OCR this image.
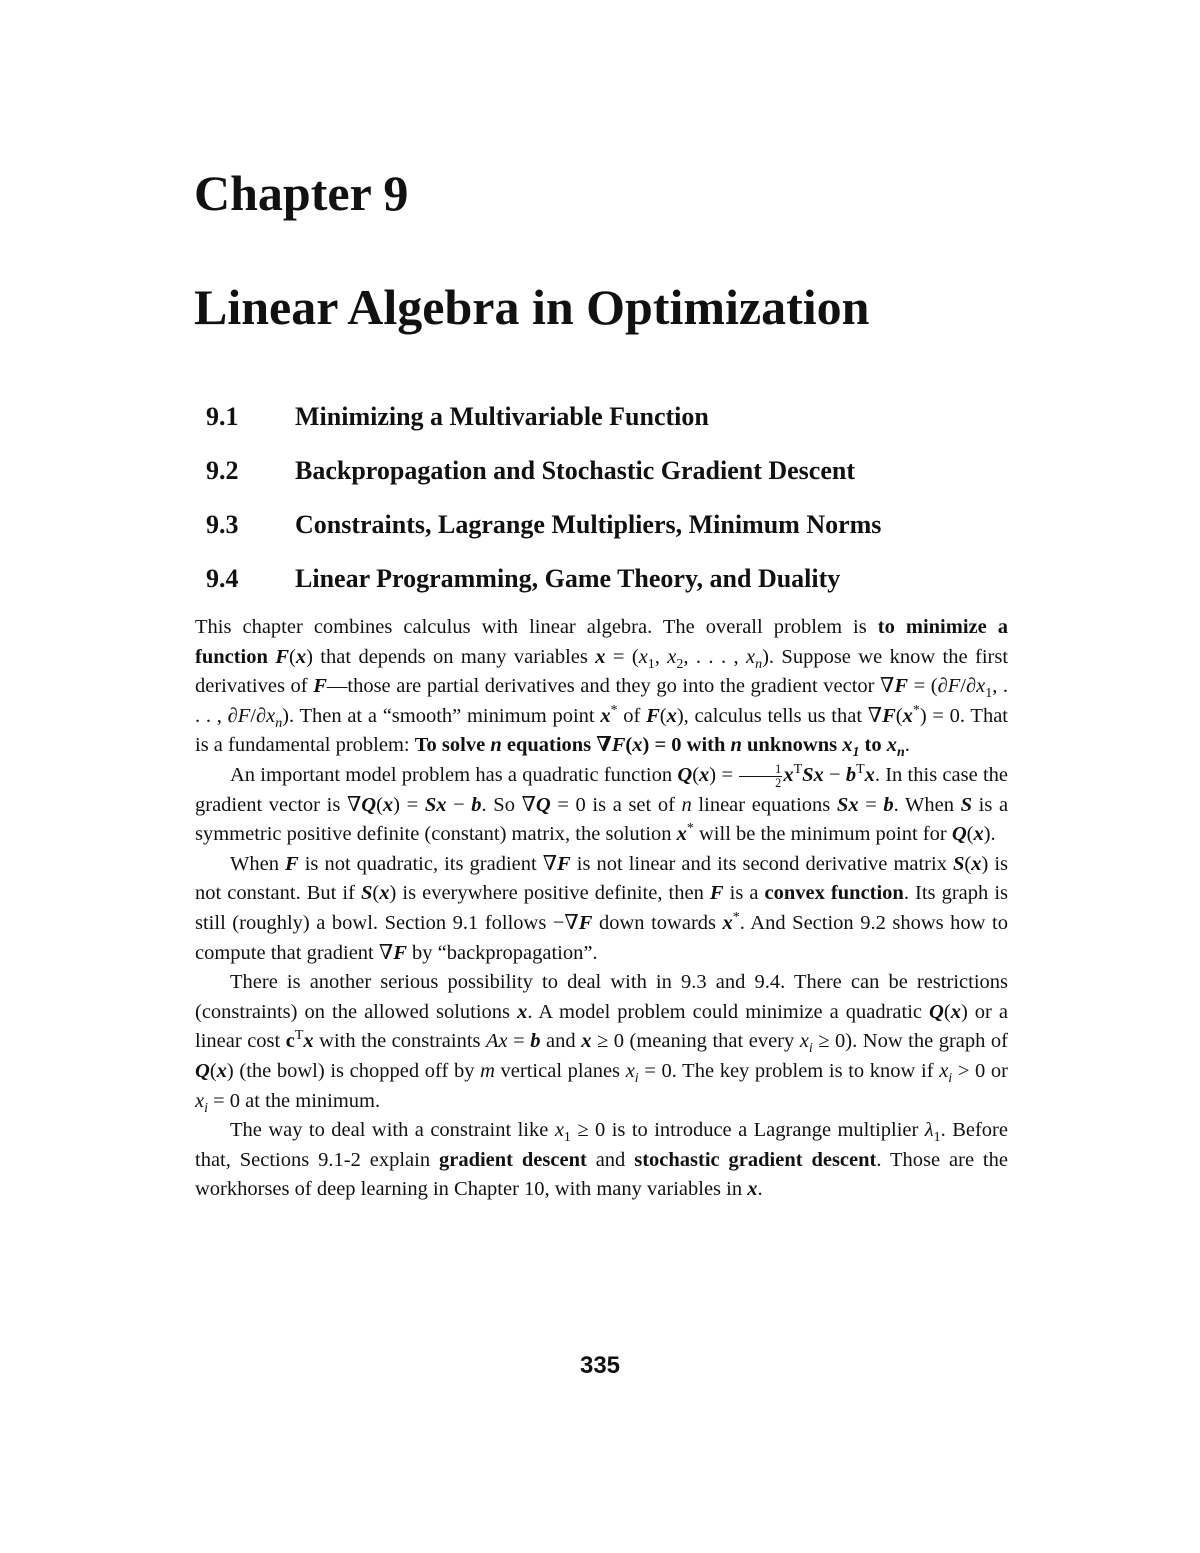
Chapter 9
Linear Algebra in Optimization
9.1	Minimizing a Multivariable Function
9.2	Backpropagation and Stochastic Gradient Descent
9.3	Constraints, Lagrange Multipliers, Minimum Norms
9.4	Linear Programming, Game Theory, and Duality

This chapter combines calculus with linear algebra. The overall problem is to minimize a function F(x) that depends on many variables $x = (x_1$, $x_2$, . . . , $x_n$). Suppose we know the first derivatives of F—those are partial derivatives and they go into the gradient vector $\nabla F = (\partial F/\partial x_1$, . . . , $\partial F/\partial x_n$). Then at a “smooth” minimum point x* of F(x), calculus tells us that ∇F(x*) = 0. That is a fundamental problem: To solve n equations ∇F(x) = 0 with n unknowns $x_1$ to $x_n$.

An important model problem has a quadratic function $Q(x) = \frac{1}{2} x^TSx - b^Tx$. In this case the gradient vector is ∇Q(x) = Sx − b. So ∇Q = 0 is a set of n linear equations Sx = b. When S is a symmetric positive definite (constant) matrix, the solution x* will be the minimum point for Q(x).

When F is not quadratic, its gradient ∇F is not linear and its second derivative matrix S(x) is not constant. But if S(x) is everywhere positive definite, then F is a convex function. Its graph is still (roughly) a bowl. Section 9.1 follows −∇F down towards x*. And Section 9.2 shows how to compute that gradient ∇F by “backpropagation”.

There is another serious possibility to deal with in 9.3 and 9.4. There can be restrictions (constraints) on the allowed solutions x. A model problem could minimize a quadratic Q(x) or a linear cost $c^Tx$ with the constraints Ax = b and x ≥ 0 (meaning that every $x_i \ge 0$). Now the graph of Q(x) (the bowl) is chopped off by m vertical planes $x_i = 0$. The key problem is to know if $x_i > 0$ or $x_i = 0$ at the minimum.

The way to deal with a constraint like $x_1 \ge 0$ is to introduce a Lagrange multiplier $\lambda_1$. Before that, Sections 9.1-2 explain gradient descent and stochastic gradient descent. Those are the workhorses of deep learning in Chapter 10, with many variables in x.

335
